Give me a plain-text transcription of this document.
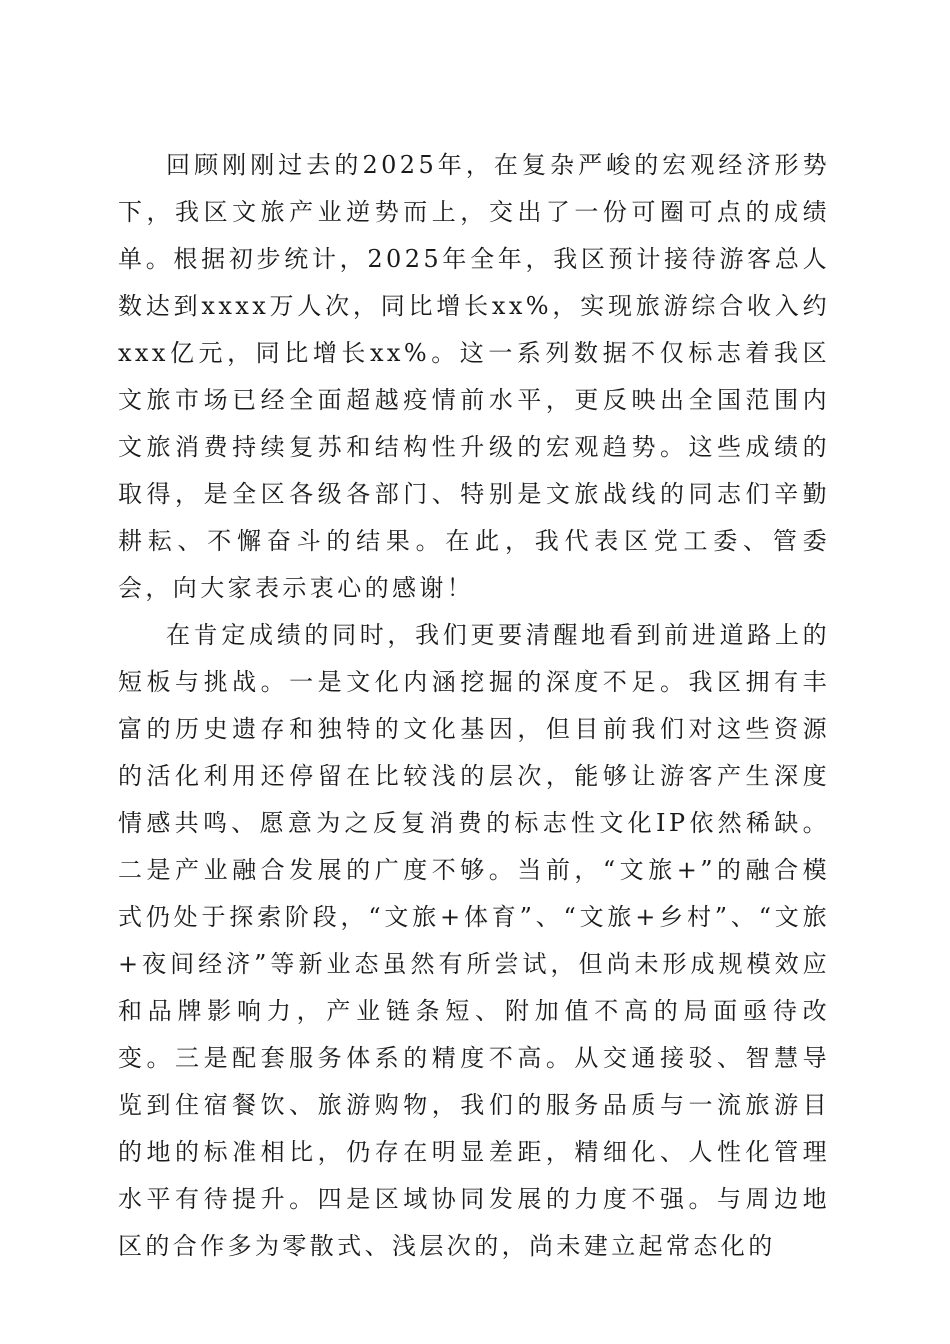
回顾刚刚过去的2025年，在复杂严峻的宏观经济形势下，我区文旅产业逆势而上，交出了一份可圈可点的成绩单。根据初步统计，2025年全年，我区预计接待游客总人数达到xxxx万人次，同比增长xx%，实现旅游综合收入约xxx亿元，同比增长xx%。这一系列数据不仅标志着我区文旅市场已经全面超越疫情前水平，更反映出全国范围内文旅消费持续复苏和结构性升级的宏观趋势。这些成绩的取得，是全区各级各部门、特别是文旅战线的同志们辛勤耕耘、不懈奋斗的结果。在此，我代表区党工委、管委会，向大家表示衷心的感谢！

在肯定成绩的同时，我们更要清醒地看到前进道路上的短板与挑战。一是文化内涵挖掘的深度不足。我区拥有丰富的历史遗存和独特的文化基因，但目前我们对这些资源的活化利用还停留在比较浅的层次，能够让游客产生深度情感共鸣、愿意为之反复消费的标志性文化IP依然稀缺。二是产业融合发展的广度不够。当前，“文旅+”的融合模式仍处于探索阶段，“文旅+体育”、“文旅+乡村”、“文旅+夜间经济”等新业态虽然有所尝试，但尚未形成规模效应和品牌影响力，产业链条短、附加值不高的局面亟待改变。三是配套服务体系的精度不高。从交通接驳、智慧导览到住宿餐饮、旅游购物，我们的服务品质与一流旅游目的地的标准相比，仍存在明显差距，精细化、人性化管理水平有待提升。四是区域协同发展的力度不强。与周边地区的合作多为零散式、浅层次的，尚未建立起常态化的
